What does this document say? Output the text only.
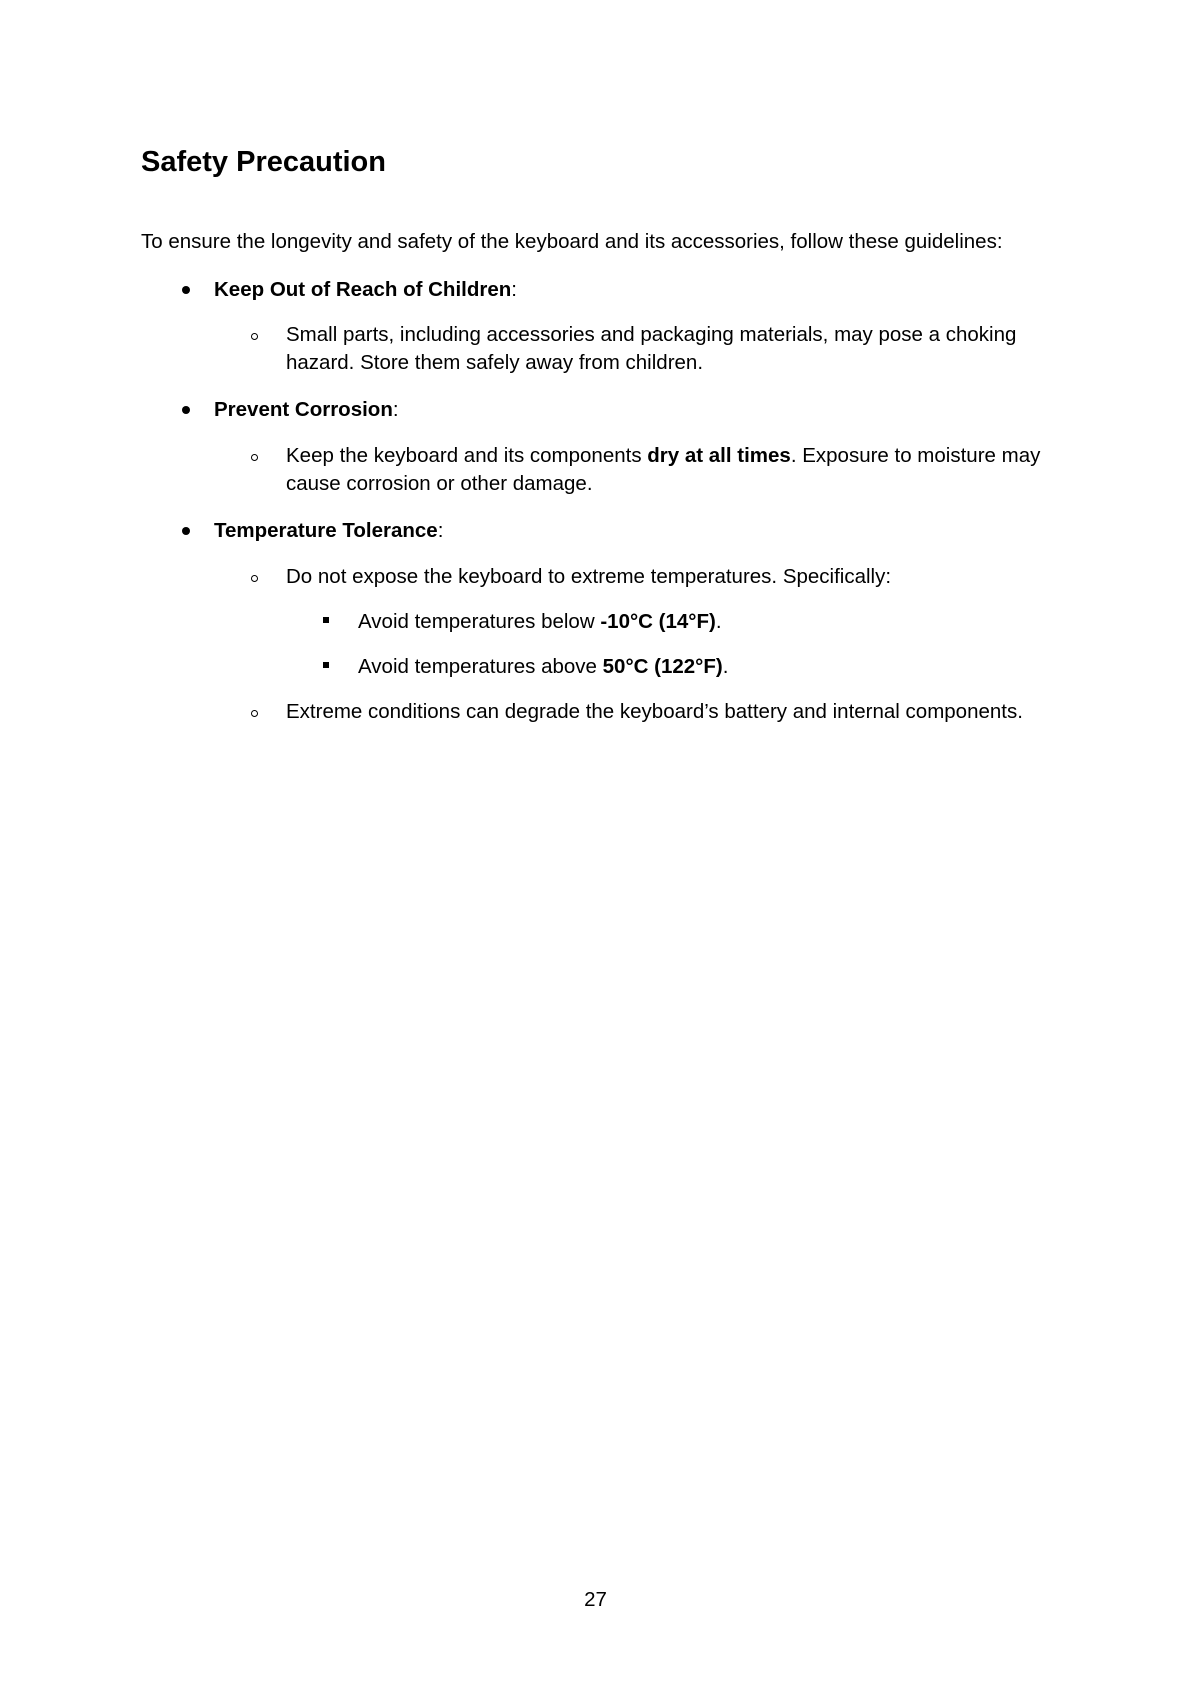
Safety Precaution

To ensure the longevity and safety of the keyboard and its accessories, follow these guidelines:

Keep Out of Reach of Children:

Small parts, including accessories and packaging materials, may pose a choking

hazard. Store them safely away from children.

Prevent Corrosion:

Keep the keyboard and its components dry at all times. Exposure to moisture may

cause corrosion or other damage.

Temperature Tolerance:

Do not expose the keyboard to extreme temperatures. Specifically:

Avoid temperatures below -10°C (14°F).

Avoid temperatures above 50°C (122°F).

Extreme conditions can degrade the keyboard’s battery and internal components.

27
